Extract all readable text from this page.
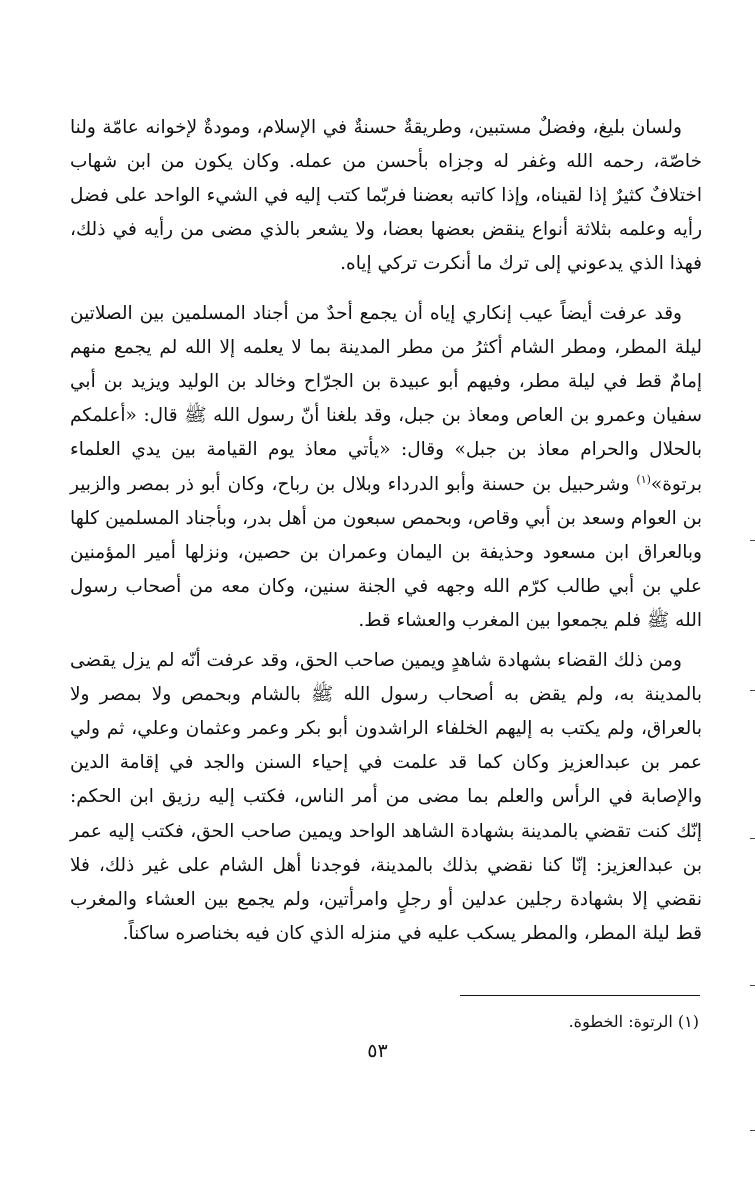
ولسان بليغ، وفضلٌ مستبين، وطريقةٌ حسنةٌ في الإسلام، ومودةٌ لإخوانه عامّة ولنا خاصّة، رحمه الله وغفر له وجزاه بأحسن من عمله. وكان يكون من ابن شهاب اختلافٌ كثيرٌ إذا لقيناه، وإذا كاتبه بعضنا فربّما كتب إليه في الشيء الواحد على فضل رأيه وعلمه بثلاثة أنواع ينقض بعضها بعضا، ولا يشعر بالذي مضى من رأيه في ذلك، فهذا الذي يدعوني إلى ترك ما أنكرت تركي إياه.

وقد عرفت أيضاً عيب إنكاري إياه أن يجمع أحدٌ من أجناد المسلمين بين الصلاتين ليلة المطر، ومطر الشام أكثرُ من مطر المدينة بما لا يعلمه إلا الله لم يجمع منهم إمامٌ قط في ليلة مطر، وفيهم أبو عبيدة بن الجرّاح وخالد بن الوليد ويزيد بن أبي سفيان وعمرو بن العاص ومعاذ بن جبل، وقد بلغنا أنّ رسول الله ﷺ قال: «أعلمكم بالحلال والحرام معاذ بن جبل» وقال: «يأتي معاذ يوم القيامة بين يدي العلماء برتوة»$^{(١)}$ وشرحبيل بن حسنة وأبو الدرداء وبلال بن رباح، وكان أبو ذر بمصر والزبير بن العوام وسعد بن أبي وقاص، وبحمص سبعون من أهل بدر، وبأجناد المسلمين كلها وبالعراق ابن مسعود وحذيفة بن اليمان وعمران بن حصين، ونزلها أمير المؤمنين علي بن أبي طالب كرّم الله وجهه في الجنة سنين، وكان معه من أصحاب رسول الله ﷺ فلم يجمعوا بين المغرب والعشاء قط.

ومن ذلك القضاء بشهادة شاهدٍ ويمين صاحب الحق، وقد عرفت أنّه لم يزل يقضى بالمدينة به، ولم يقض به أصحاب رسول الله ﷺ بالشام وبحمص ولا بمصر ولا بالعراق، ولم يكتب به إليهم الخلفاء الراشدون أبو بكر وعمر وعثمان وعلي، ثم ولي عمر بن عبدالعزيز وكان كما قد علمت في إحياء السنن والجد في إقامة الدين والإصابة في الرأس والعلم بما مضى من أمر الناس، فكتب إليه رزيق ابن الحكم: إنّك كنت تقضي بالمدينة بشهادة الشاهد الواحد ويمين صاحب الحق، فكتب إليه عمر بن عبدالعزيز: إنّا كنا نقضي بذلك بالمدينة، فوجدنا أهل الشام على غير ذلك، فلا نقضي إلا بشهادة رجلين عدلين أو رجلٍ وامرأتين، ولم يجمع بين العشاء والمغرب قط ليلة المطر، والمطر يسكب عليه في منزله الذي كان فيه بخناصره ساكناً.

(١) الرتوة: الخطوة.
٥٣
